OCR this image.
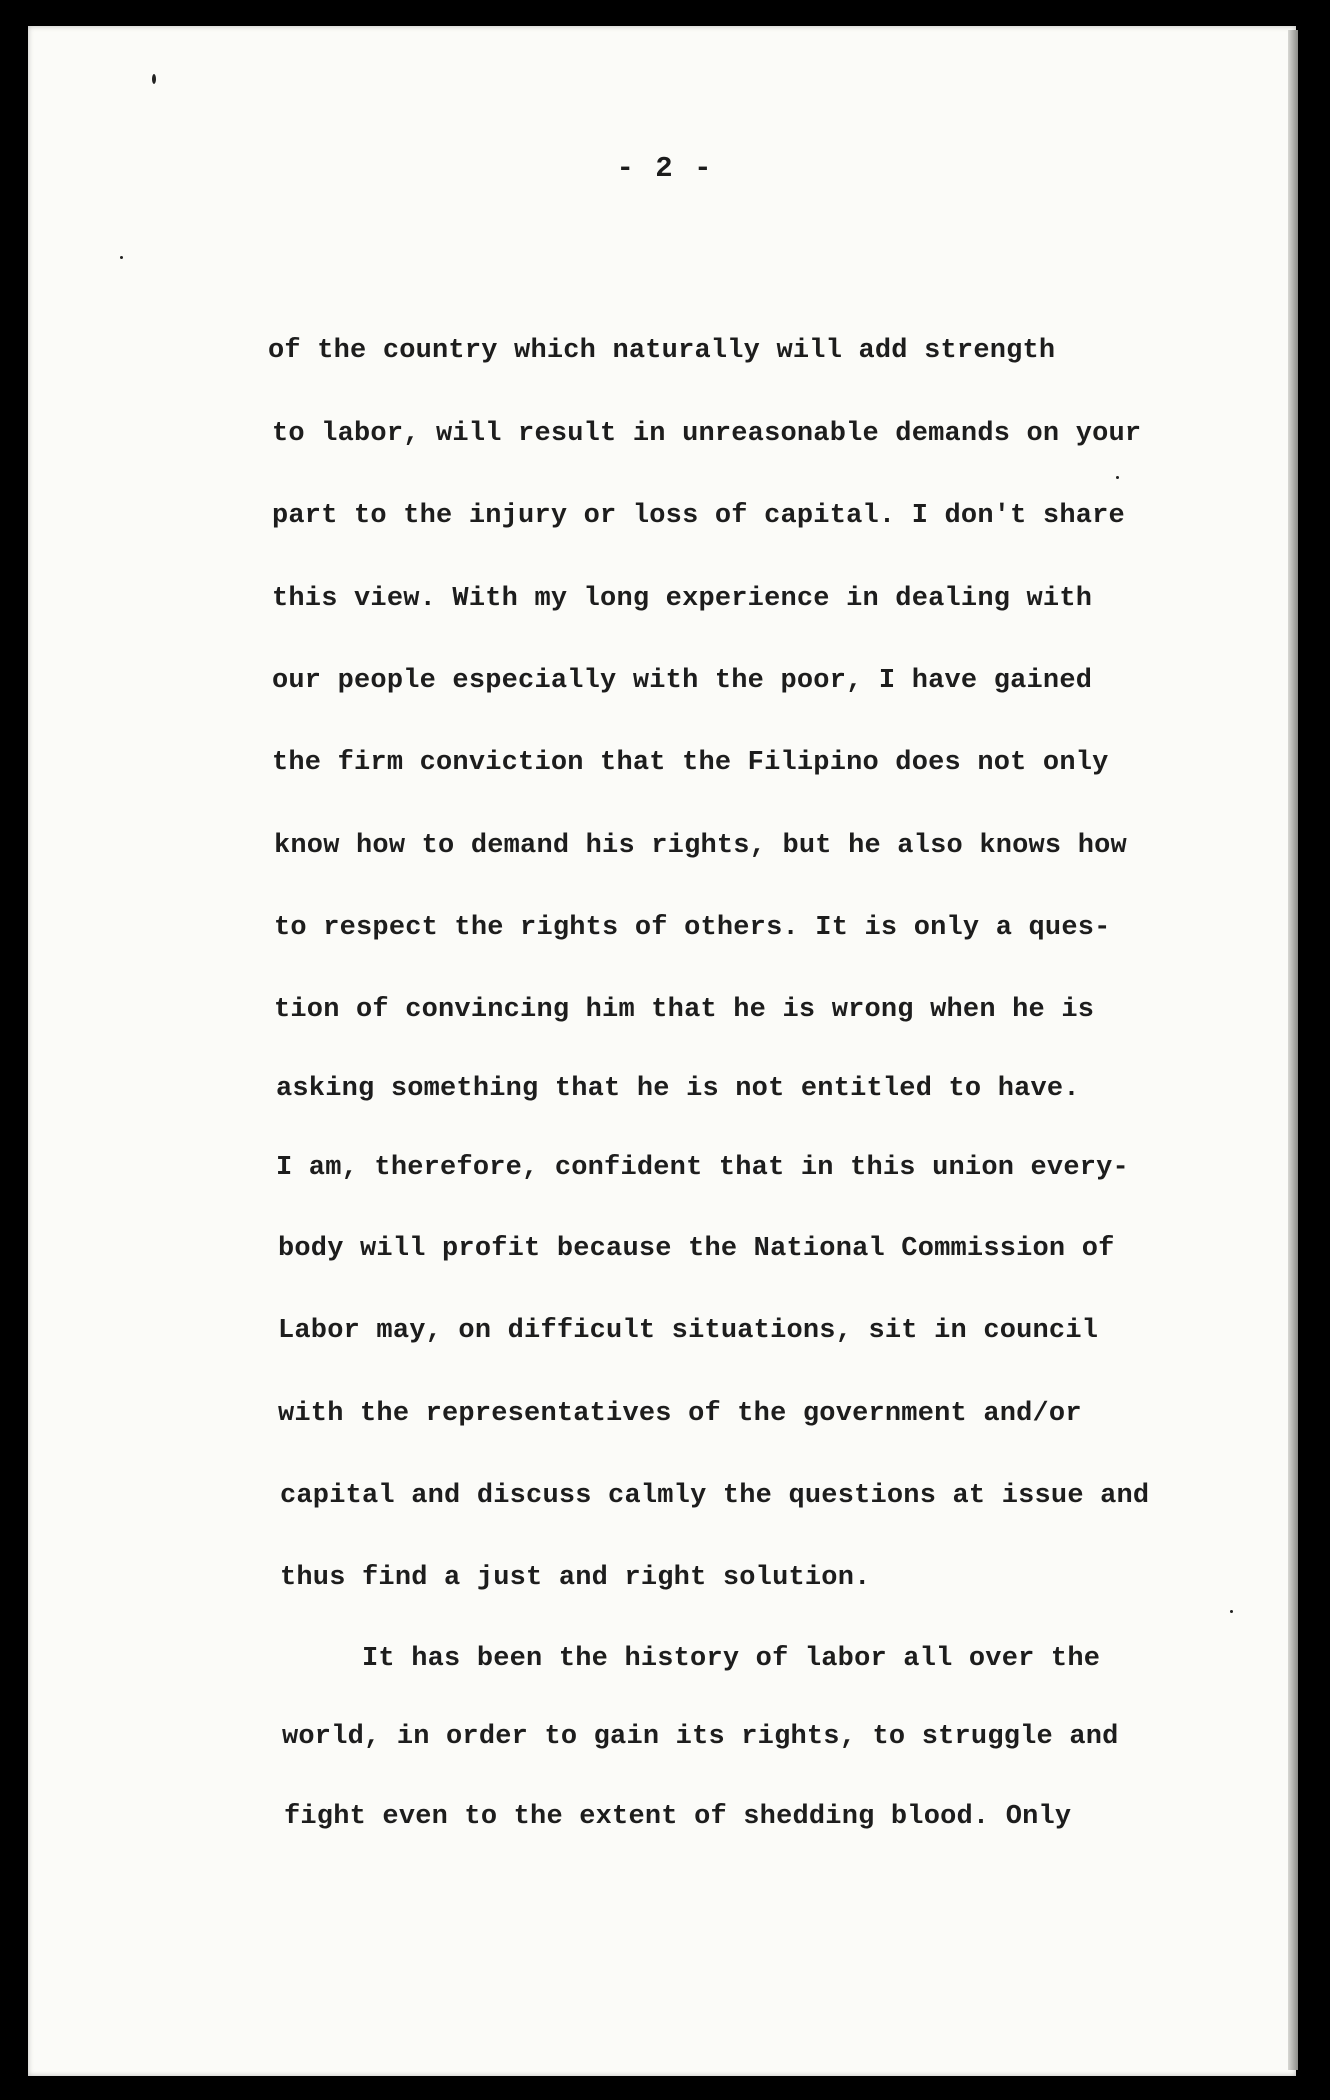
- 2 -
of the country which naturally will add strength
to labor, will result in unreasonable demands on your
part to the injury or loss of capital. I don't share
this view. With my long experience in dealing with
our people especially with the poor, I have gained
the firm conviction that the Filipino does not only
know how to demand his rights, but he also knows how
to respect the rights of others. It is only a ques-
tion of convincing him that he is wrong when he is
asking something that he is not entitled to have.
I am, therefore, confident that in this union every-
body will profit because the National Commission of
Labor may, on difficult situations, sit in council
with the representatives of the government and/or
capital and discuss calmly the questions at issue and
thus find a just and right solution.
It has been the history of labor all over the
world, in order to gain its rights, to struggle and
fight even to the extent of shedding blood. Only
